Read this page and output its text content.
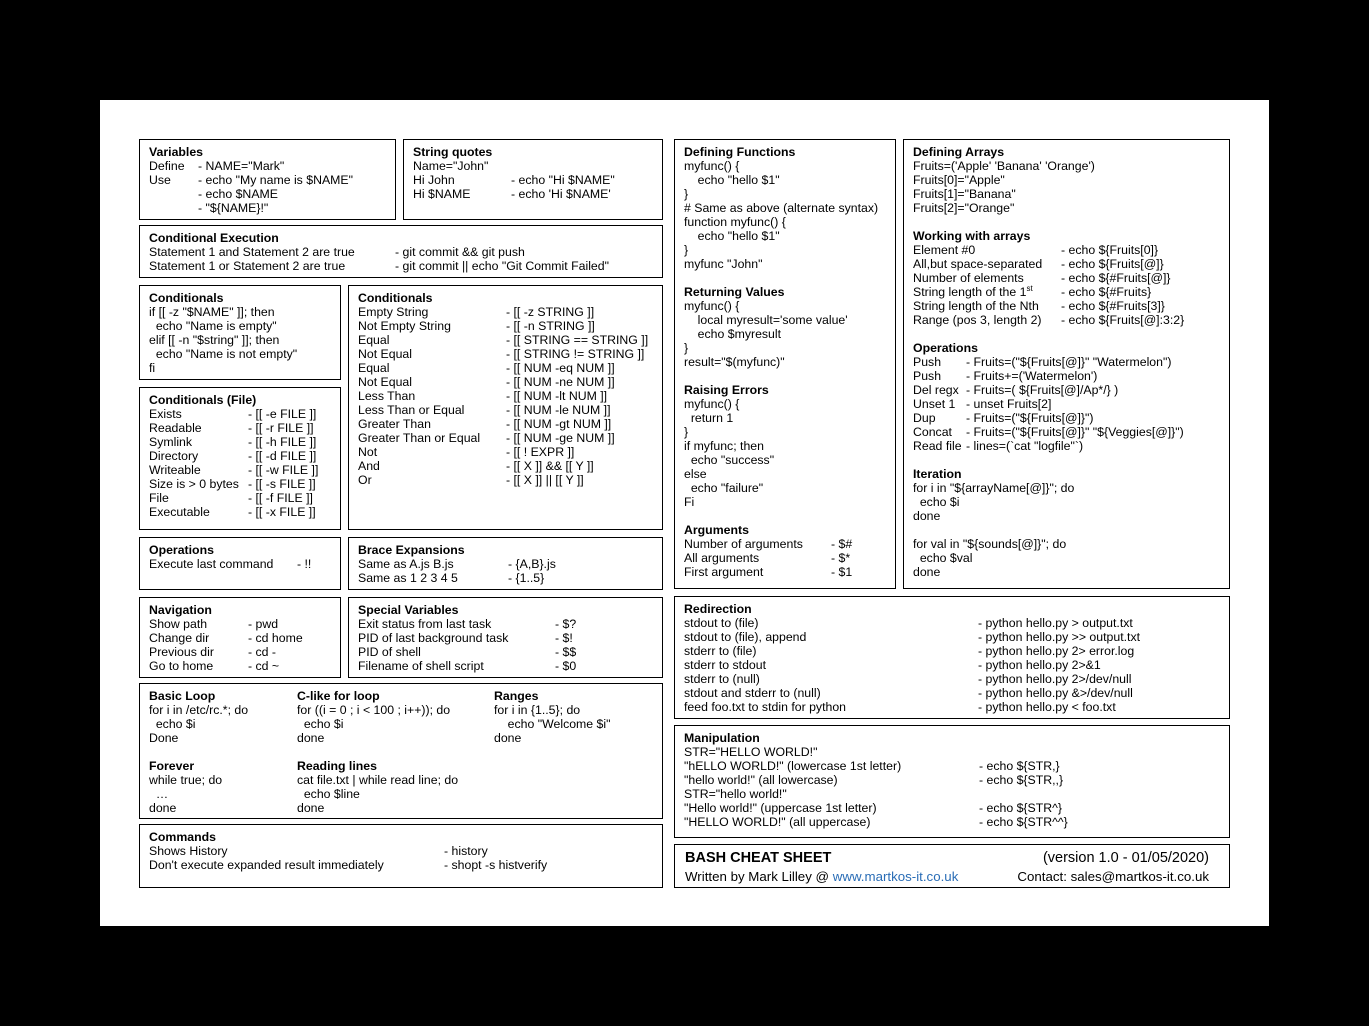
Variables
Define	- NAME="Mark"
Use	- echo "My name is $NAME"
- echo $NAME
- "${NAME}!"
String quotes
Name="John"
Hi John	- echo "Hi $NAME"
Hi $NAME	- echo 'Hi $NAME'
Conditional Execution
Statement 1 and Statement 2 are true	- git commit && git push
Statement 1 or Statement 2 are true	- git commit || echo "Git Commit Failed"
Conditionals
if [[ -z "$NAME" ]]; then
echo "Name is empty"
elif [[ -n "$string" ]]; then
echo "Name is not empty"
fi
Conditionals (File)
Exists	- [[ -e FILE ]]
Readable	- [[ -r FILE ]]
Symlink	- [[ -h FILE ]]
Directory	- [[ -d FILE ]]
Writeable	- [[ -w FILE ]]
Size is > 0 bytes - [[ -s FILE ]]
File	- [[ -f FILE ]]
Executable	- [[ -x FILE ]]
Conditionals
Empty String	- [[ -z STRING ]]
Not Empty String	- [[ -n STRING ]]
Equal	- [[ STRING == STRING ]]
Not Equal	- [[ STRING != STRING ]]
Equal	- [[ NUM -eq NUM ]]
Not Equal	- [[ NUM -ne NUM ]]
Less Than	- [[ NUM -lt NUM ]]
Less Than or Equal	- [[ NUM -le NUM ]]
Greater Than	- [[ NUM -gt NUM ]]
Greater Than or Equal	- [[ NUM -ge NUM ]]
Not	- [[ ! EXPR ]]
And	- [[ X ]] && [[ Y ]]
Or	- [[ X ]] || [[ Y ]]
Operations
Execute last command	- !!
Brace Expansions
Same as A.js B.js	- {A,B}.js
Same as 1 2 3 4 5	- {1..5}
Navigation
Show path	- pwd
Change dir	- cd home
Previous dir	- cd -
Go to home	- cd ~
Special Variables
Exit status from last task	- $?
PID of last background task	- $!
PID of shell	- $$
Filename of shell script	- $0
Basic Loop
for i in /etc/rc.*; do
echo $i
Done
C-like for loop
for ((i = 0 ; i < 100 ; i++)); do
echo $i
done
Ranges
for i in {1..5}; do
echo "Welcome $i"
done
Forever
while true; do
…
done
Reading lines
cat file.txt | while read line; do
echo $line
done
Commands
Shows History	- history
Don't execute expanded result immediately	- shopt -s histverify
Defining Functions
myfunc() {
echo "hello $1"
}
# Same as above (alternate syntax)
function myfunc() {
echo "hello $1"
}
myfunc "John"
Returning Values
myfunc() {
local myresult='some value'
echo $myresult
}
result="$(myfunc)"
Raising Errors
myfunc() {
return 1
}
if myfunc; then
echo "success"
else
echo "failure"
Fi
Arguments
Number of arguments	- $#
All arguments	- $*
First argument	- $1
Defining Arrays
Fruits=('Apple' 'Banana' 'Orange')
Fruits[0]="Apple"
Fruits[1]="Banana"
Fruits[2]="Orange"
Working with arrays
Element #0	- echo ${Fruits[0]}
All,but space-separated	- echo ${Fruits[@]}
Number of elements	- echo ${#Fruits[@]}
String length of the 1st	- echo ${#Fruits}
String length of the Nth	- echo ${#Fruits[3]}
Range (pos 3, length 2)	- echo ${Fruits[@]:3:2}
Operations
Push	- Fruits=("${Fruits[@]}" "Watermelon")
Push	- Fruits+=('Watermelon')
Del regx - Fruits=( ${Fruits[@]/Ap*/} )
Unset 1 - unset Fruits[2]
Dup	- Fruits=("${Fruits[@]}")
Concat	- Fruits=("${Fruits[@]}" "${Veggies[@]}")
Read file - lines=(`cat "logfile"`)
Iteration
for i in "${arrayName[@]}"; do
echo $i
done
for val in "${sounds[@]}"; do
echo $val
done
Redirection
stdout to (file)	- python hello.py > output.txt
stdout to (file), append	- python hello.py >> output.txt
stderr to (file)	- python hello.py 2> error.log
stderr to stdout	- python hello.py 2>&1
stderr to (null)	- python hello.py 2>/dev/null
stdout and stderr to (null)	- python hello.py &>/dev/null
feed foo.txt to stdin for python	- python hello.py < foo.txt
Manipulation
STR="HELLO WORLD!"
"hELLO WORLD!" (lowercase 1st letter)	- echo ${STR,}
"hello world!" (all lowercase)	- echo ${STR,,}
STR="hello world!"
"Hello world!" (uppercase 1st letter)	- echo ${STR^}
"HELLO WORLD!" (all uppercase)	- echo ${STR^^}
BASH CHEAT SHEET	(version 1.0 - 01/05/2020)
Written by Mark Lilley @ www.martkos-it.co.uk	Contact: sales@martkos-it.co.uk
